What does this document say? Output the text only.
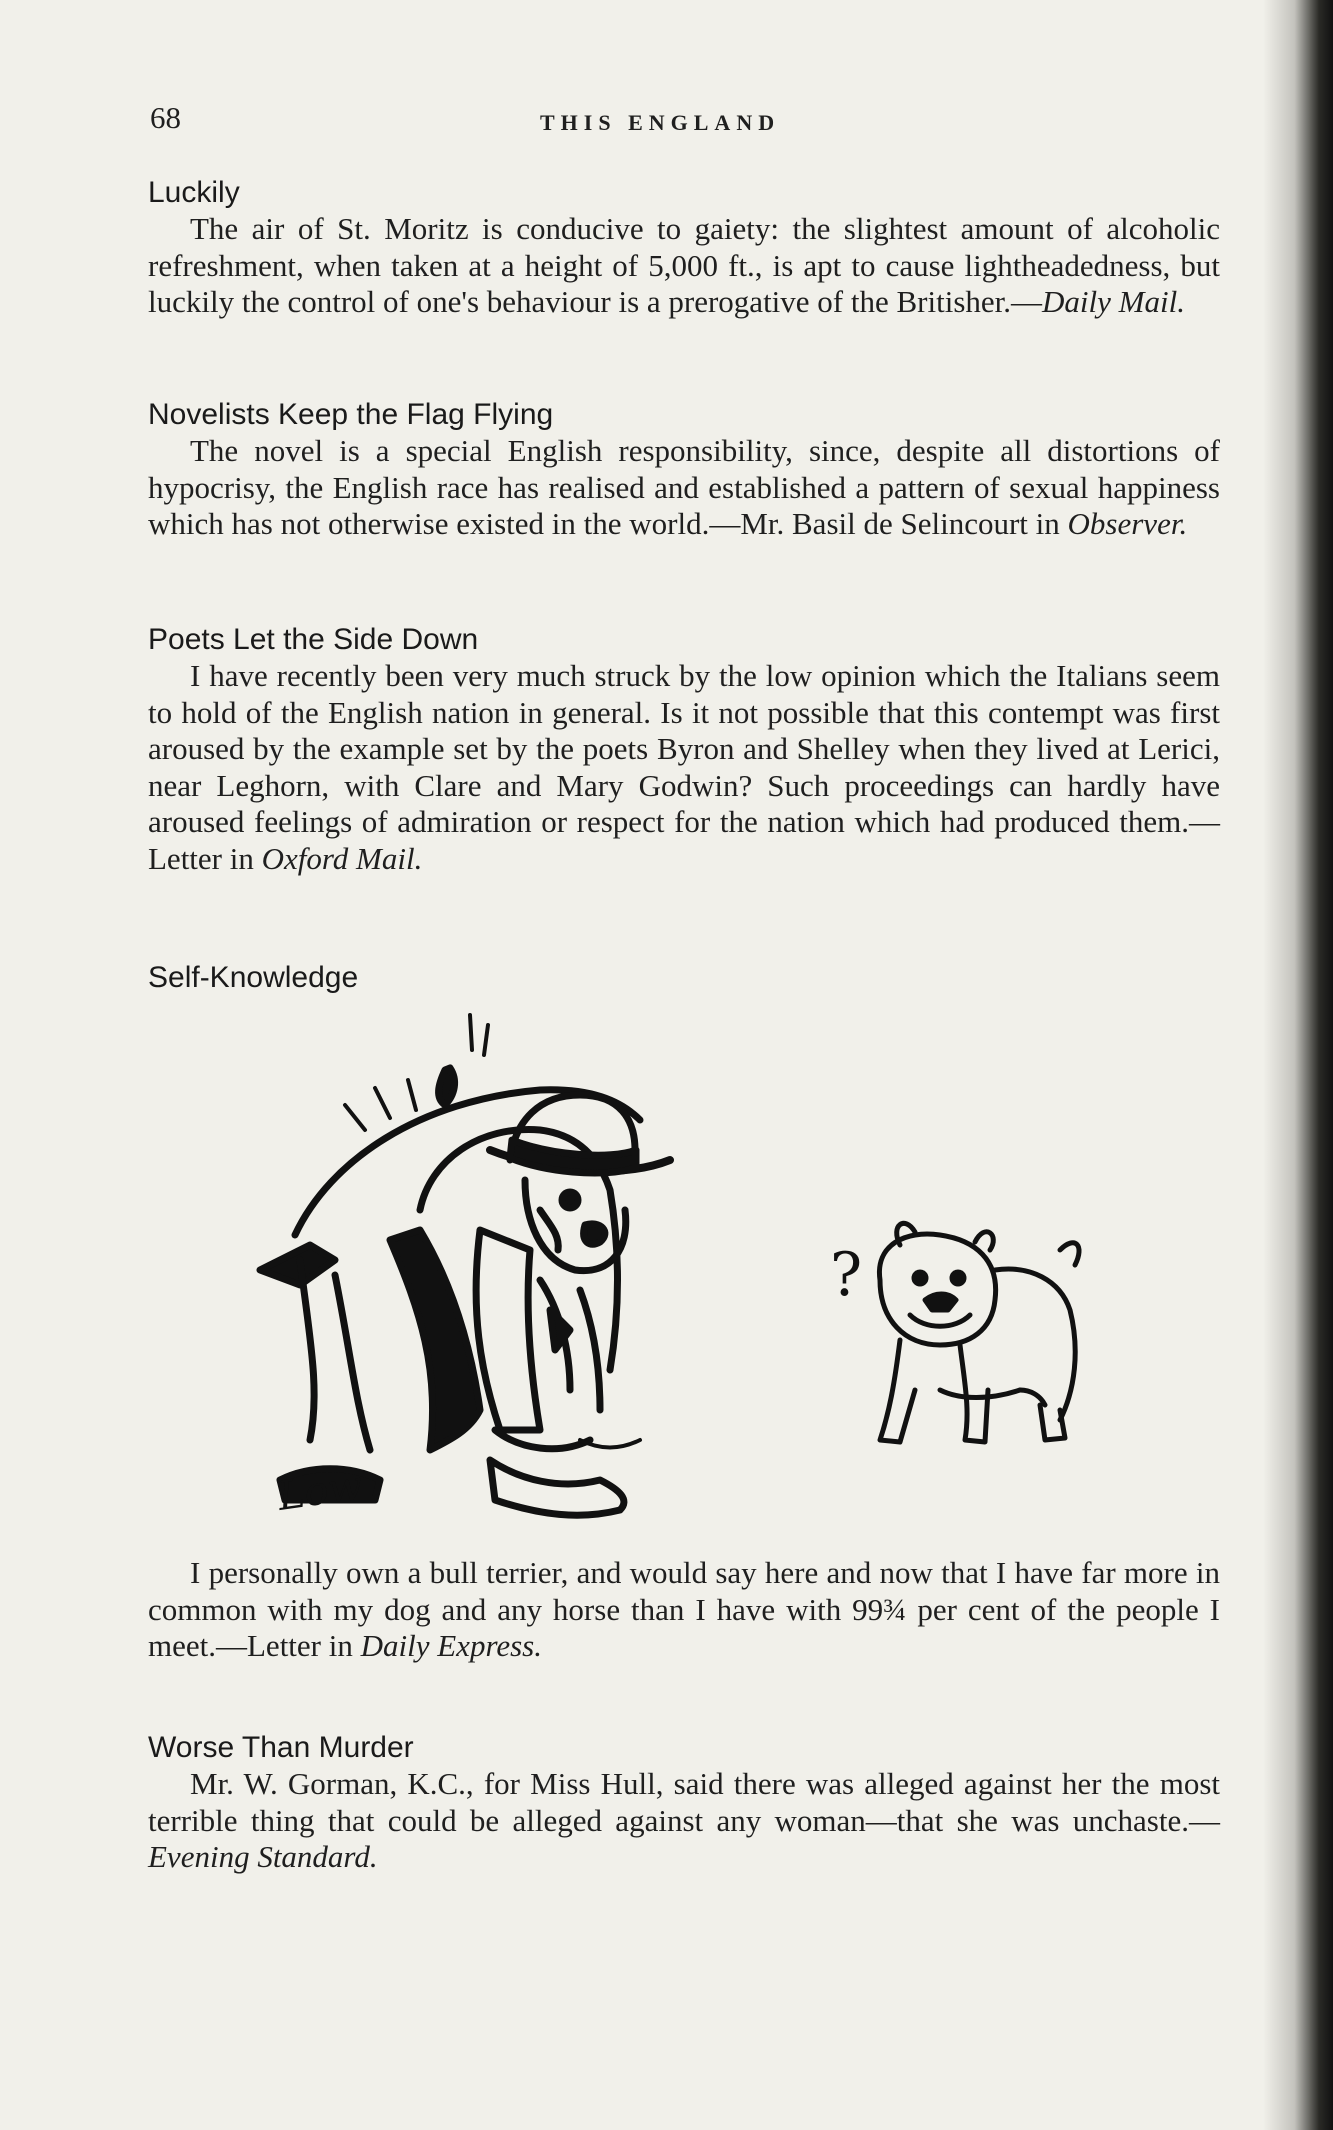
68	THIS ENGLAND
Luckily

The air of St. Moritz is conducive to gaiety: the slightest amount of alcoholic refreshment, when taken at a height of 5,000 ft., is apt to cause lightheadedness, but luckily the control of one's behaviour is a prerogative of the Britisher.—Daily Mail.

Novelists Keep the Flag Flying

The novel is a special English responsibility, since, despite all distortions of hypocrisy, the English race has realised and established a pattern of sexual happiness which has not otherwise existed in the world.—Mr. Basil de Selincourt in Observer.

Poets Let the Side Down

I have recently been very much struck by the low opinion which the Italians seem to hold of the English nation in general. Is it not possible that this contempt was first aroused by the example set by the poets Byron and Shelley when they lived at Lerici, near Leghorn, with Clare and Mary Godwin? Such proceedings can hardly have aroused feelings of admiration or respect for the nation which had produced them.—Letter in Oxford Mail.

Self-Knowledge
?
Low

I personally own a bull terrier, and would say here and now that I have far more in common with my dog and any horse than I have with 99¾ per cent of the people I meet.—Letter in Daily Express.

Worse Than Murder

Mr. W. Gorman, K.C., for Miss Hull, said there was alleged against her the most terrible thing that could be alleged against any woman—that she was unchaste.—Evening Standard.
